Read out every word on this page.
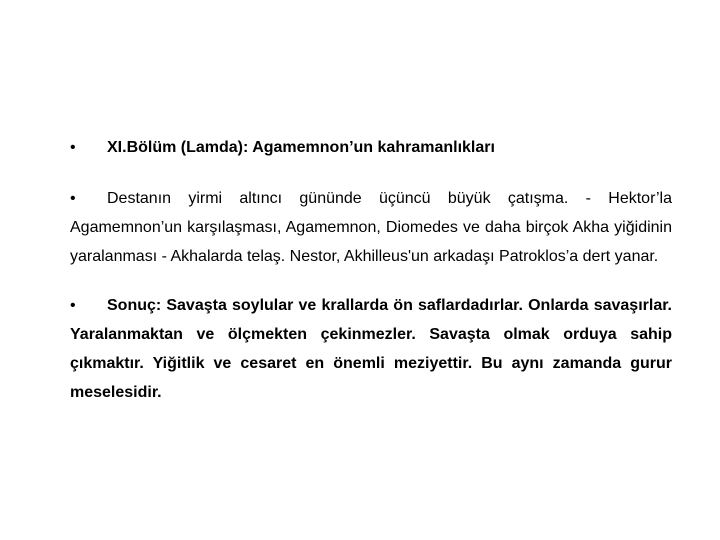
• XI.Bölüm (Lamda): Agamemnon’un kahramanlıkları
• Destanın yirmi altıncı gününde üçüncü büyük çatışma. - Hektor’la Agamemnon’un karşılaşması, Agamemnon, Diomedes ve daha birçok Akha yiğidinin yaralanması - Akhalarda telaş. Nestor, Akhilleus'un arkadaşı Patroklos’a dert yanar.
• Sonuç: Savaşta soylular ve krallarda ön saflardadırlar. Onlarda savaşırlar. Yaralanmaktan ve ölçmekten çekinmezler. Savaşta olmak orduya sahip çıkmaktır. Yiğitlik ve cesaret en önemli meziyettir. Bu aynı zamanda gurur meselesidir.
